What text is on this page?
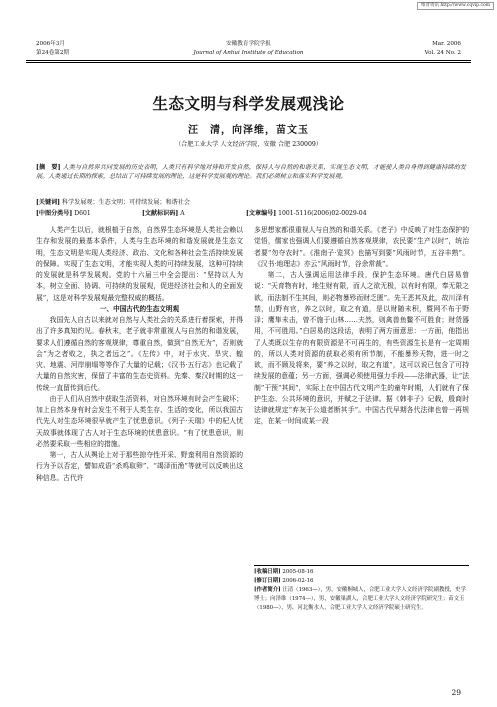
维普资讯 http://www.cqvip.com
2006年3月
第24卷第2期
安徽教育学院学报
Journal of Anhui Institute of Education
Mar. 2006
Vol. 24 No. 2
生态文明与科学发展观浅论
汪　清，向泽维，苗文玉
（合肥工业大学 人文经济学院，安徽 合肥 230009）
[摘　要] 人类与自然界共同发展的历史表明，人类只有科学地对待和开发自然，保持人与自然的和谐关系，实现生态文明，才能使人类自身得到健康持续的发展。人类通过长期的探索，总结出了可持续发展的理论，这是科学发展观的理论。我们必须树立和落实科学发展观。
[关键词] 科学发展观；生态文明；可持续发展；和谐社会
[中图分类号] D601	[文献标识码] A	[文章编号] 1001-5116(2006)02-0029-04

人类产生以后，就根植于自然，自然界生态环境是人类社会赖以生存和发展的最基本条件，人类与生态环境的和谐发展就是生态文明，生态文明是实现人类经济、政治、文化和各种社会生活持续发展的保障。实现了生态文明，才能实现人类的可持续发展，这种可持续的发展就是科学发展观。党的十六届三中全会提出：“坚持以人为本，树立全面、协调、可持续的发展观，促进经济社会和人的全面发展”，这是对科学发展观最完整权威的概括。

一、中国古代的生态文明观

我国先人自古以来就对自然与人类社会的关系进行着探索，并得出了许多真知灼见。春秋末，老子就非常重视人与自然的和谐发展，要求人们遵循自然的客观规律，尊重自然，做到“自然无为”，否则就会“为之者败之，执之者远之”。《左传》中，对于水灾、旱灾、蝗灾、地震、河岸崩塌等等作了大量的记载；《汉书·五行志》也记载了大量的自然灾害，保留了丰富的生态史资料。先秦、秦汉时期的这一传统一直留传到后代。

由于人们从自然中获取生活资料，对自然环境有时会产生破坏；加上自然本身有时会发生不利于人类生存、生活的变化，所以我国古代先人对生态环境很早就产生了忧患意识。《列子·天瑞》中的杞人忧天故事就体现了古人对于生态环境的忧患意识。“有了忧患意识，则必然要采取一些相应的措施。

第一，古人从舆论上对于那些掠夺性开采、野蛮利用自然资源的行为予以否定，譬如成语“杀鸡取卵”、“竭泽而渔”等就可以反映出这种信息。古代许

多思想家都很重视人与自然的和谐关系。《老子》中反映了对生态保护的觉悟，儒家也强调人们要遵循自然客观规律，农民要“生产以时”，统治者要“勿夺农时”。《淮南子·览冥》也描写到要“风雨时节，五谷丰熟”。《汉书·地理志》亦云“风雨时节，谷余常裁”。

第二，古人强调运用法律手段，保护生态环境。唐代白居易曾说：“天育物有时，地生财有限，而人之欲无极，以有时有限，奉无限之欲，而法制不生其间，则必物暴殄而财乏匮”。先王恶其及此，故川泽有禁，山野有官，养之以时，取之有道，是以财随未积，暨网不布于野泽；鹰隼未击，曾不施于山林……夫然，则禽兽鱼鳖不可胜食；财货器用，不可胜用。”白居易的这段话，表明了两方面意思：一方面，他指出了人类既以生存的有限资源是不可再生的，有些资源生长是有一定周期的，所以人类对资源的获取必须有所节制，不能暴殄天物，进一时之欲，而不顾及将来，要“养之以时，取之有道”，这可以说已包含了可持续发展的意蕴；另一方面，强调必须使用强力手段——法律武器，让“法制”干预“其间”，实际上在中国古代文明产生的童年时期，人们就有了保护生态、公共环境的意识，并赋之于法律。据《韩非子》记载，殷商时法律就规定“弃灰于公道者断其手”。中国古代早期各代法律也曾一再规定，在某一时间或某一段

[收稿日期] 2005-08-16
[修订日期] 2006-02-16
[作者简介] 汪清（1963—），男，安徽桐城人，合肥工业大学人文经济学院副教授，史学博士；向泽维（1974—），男，安徽巢湖人，合肥工业大学人文经济学院研究生；苗文玉（1980—），男，河北衡水人，合肥工业大学人文经济学院硕士研究生。
29
